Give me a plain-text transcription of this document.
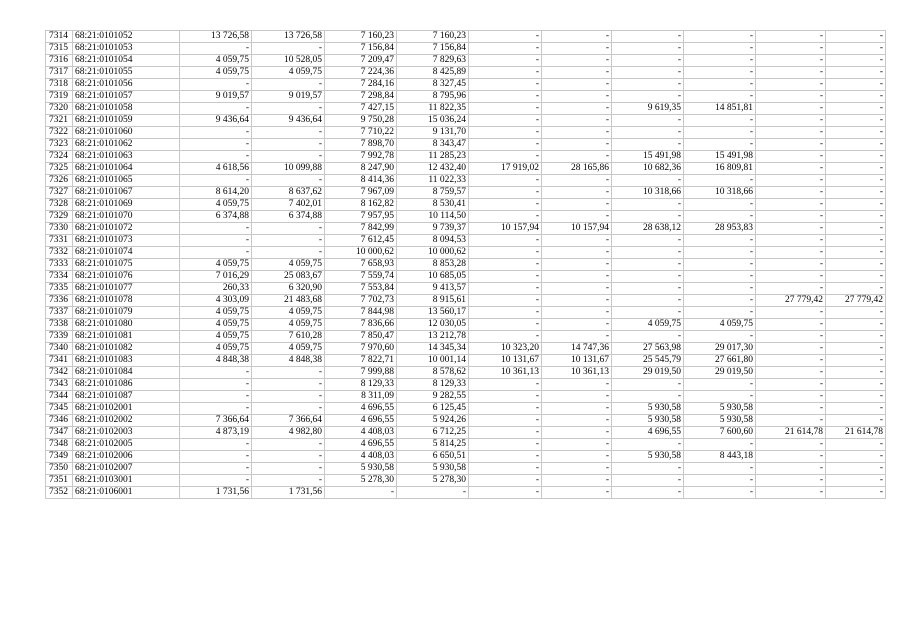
7314	68:21:0101052	13 726,58	13 726,58	7 160,23	7 160,23	-	-	-	-	-	-
7315	68:21:0101053	-	-	7 156,84	7 156,84	-	-	-	-	-	-
7316	68:21:0101054	4 059,75	10 528,05	7 209,47	7 829,63	-	-	-	-	-	-
7317	68:21:0101055	4 059,75	4 059,75	7 224,36	8 425,89	-	-	-	-	-	-
7318	68:21:0101056	-	-	7 284,16	8 327,45	-	-	-	-	-	-
7319	68:21:0101057	9 019,57	9 019,57	7 298,84	8 795,96	-	-	-	-	-	-
7320	68:21:0101058	-	-	7 427,15	11 822,35	-	-	9 619,35	14 851,81	-	-
7321	68:21:0101059	9 436,64	9 436,64	9 750,28	15 036,24	-	-	-	-	-	-
7322	68:21:0101060	-	-	7 710,22	9 131,70	-	-	-	-	-	-
7323	68:21:0101062	-	-	7 898,70	8 343,47	-	-	-	-	-	-
7324	68:21:0101063	-	-	7 992,78	11 285,23	-	-	15 491,98	15 491,98	-	-
7325	68:21:0101064	4 618,56	10 099,88	8 247,90	12 432,40	17 919,02	28 165,86	10 682,36	16 809,81	-	-
7326	68:21:0101065	-	-	8 414,36	11 022,33	-	-	-	-	-	-
7327	68:21:0101067	8 614,20	8 637,62	7 967,09	8 759,57	-	-	10 318,66	10 318,66	-	-
7328	68:21:0101069	4 059,75	7 402,01	8 162,82	8 530,41	-	-	-	-	-	-
7329	68:21:0101070	6 374,88	6 374,88	7 957,95	10 114,50	-	-	-	-	-	-
7330	68:21:0101072	-	-	7 842,99	9 739,37	10 157,94	10 157,94	28 638,12	28 953,83	-	-
7331	68:21:0101073	-	-	7 612,45	8 094,53	-	-	-	-	-	-
7332	68:21:0101074	-	-	10 000,62	10 000,62	-	-	-	-	-	-
7333	68:21:0101075	4 059,75	4 059,75	7 658,93	8 853,28	-	-	-	-	-	-
7334	68:21:0101076	7 016,29	25 083,67	7 559,74	10 685,05	-	-	-	-	-	-
7335	68:21:0101077	260,33	6 320,90	7 553,84	9 413,57	-	-	-	-	-	-
7336	68:21:0101078	4 303,09	21 483,68	7 702,73	8 915,61	-	-	-	-	27 779,42	27 779,42
7337	68:21:0101079	4 059,75	4 059,75	7 844,98	13 560,17	-	-	-	-	-	-
7338	68:21:0101080	4 059,75	4 059,75	7 836,66	12 030,05	-	-	4 059,75	4 059,75	-	-
7339	68:21:0101081	4 059,75	7 610,28	7 850,47	13 212,78	-	-	-	-	-	-
7340	68:21:0101082	4 059,75	4 059,75	7 970,60	14 345,34	10 323,20	14 747,36	27 563,98	29 017,30	-	-
7341	68:21:0101083	4 848,38	4 848,38	7 822,71	10 001,14	10 131,67	10 131,67	25 545,79	27 661,80	-	-
7342	68:21:0101084	-	-	7 999,88	8 578,62	10 361,13	10 361,13	29 019,50	29 019,50	-	-
7343	68:21:0101086	-	-	8 129,33	8 129,33	-	-	-	-	-	-
7344	68:21:0101087	-	-	8 311,09	9 282,55	-	-	-	-	-	-
7345	68:21:0102001	-	-	4 696,55	6 125,45	-	-	5 930,58	5 930,58	-	-
7346	68:21:0102002	7 366,64	7 366,64	4 696,55	5 924,26	-	-	5 930,58	5 930,58	-	-
7347	68:21:0102003	4 873,19	4 982,80	4 408,03	6 712,25	-	-	4 696,55	7 600,60	21 614,78	21 614,78
7348	68:21:0102005	-	-	4 696,55	5 814,25	-	-	-	-	-	-
7349	68:21:0102006	-	-	4 408,03	6 650,51	-	-	5 930,58	8 443,18	-	-
7350	68:21:0102007	-	-	5 930,58	5 930,58	-	-	-	-	-	-
7351	68:21:0103001	-	-	5 278,30	5 278,30	-	-	-	-	-	-
7352	68:21:0106001	1 731,56	1 731,56	-	-	-	-	-	-	-	-
